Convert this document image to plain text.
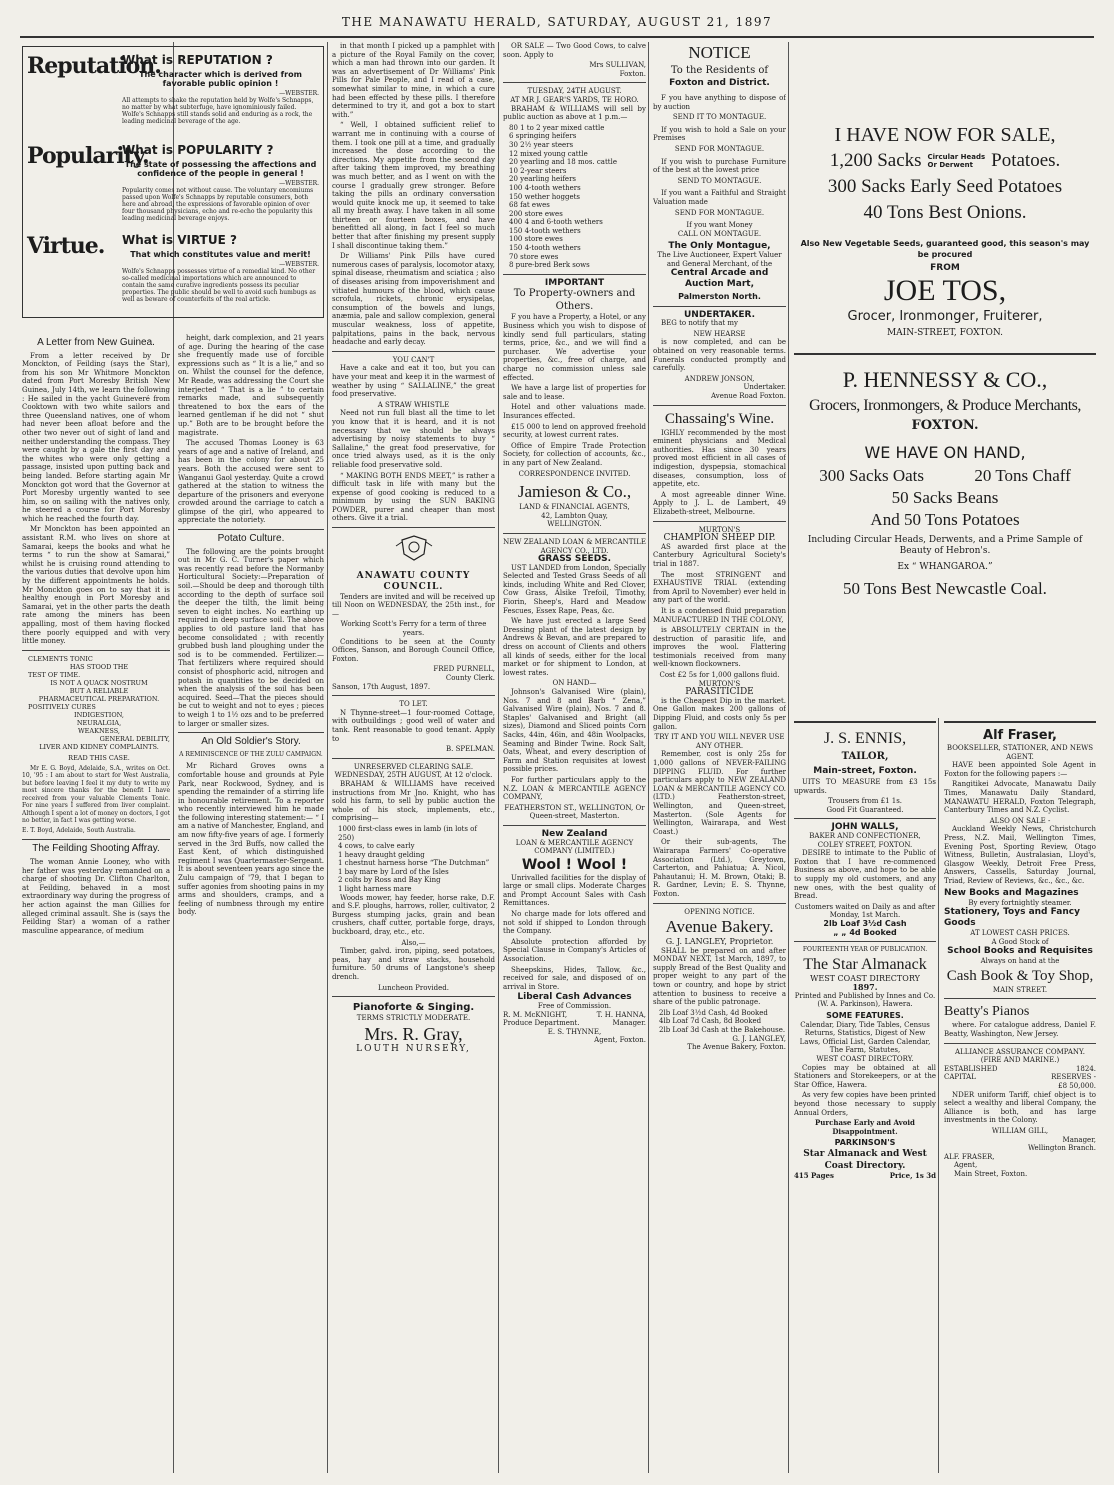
THE MANAWATU HERALD, SATURDAY, AUGUST 21, 1897
Reputation.
What is REPUTATION ?
The character which is derived from favorable public opinion !
—WEBSTER.
All attempts to shake the reputation held by Wolfe's Schnapps, no matter by what subterfuge, have ignominiously failed. Wolfe's Schnapps still stands solid and enduring as a rock, the leading medicinal beverage of the age.
Popularity.
What is POPULARITY ?
The state of possessing the affections and confidence of the people in general !
—WEBSTER.
Popularity comes not without cause. The voluntary encomiums passed upon Wolfe's Schnapps by reputable consumers, both here and abroad, the expressions of favorable opinion of over four thousand physicians, echo and re-echo the popularity this leading medicinal beverage enjoys.
Virtue.	What is VIRTUE ?
That which constitutes value and merit!
—WEBSTER.
Wolfe's Schnapps possesses virtue of a remedial kind. No other so-called medicinal importations which are announced to contain the same curative ingredients possess its peculiar properties. The public should be well to avoid such humbugs as well as beware of counterfeits of the real article.
A Letter from New Guinea.

From a letter received by Dr Monckton, of Feilding (says the Star), from his son Mr Whitmore Monckton dated from Port Moresby British New Guinea, July 14th, we learn the following : He sailed in the yacht Guineveré from Cooktown with two white sailors and three Queensland natives, one of whom had never been afloat before and the other two never out of sight of land and neither understanding the compass. They were caught by a gale the first day and the whites who were only getting a passage, insisted upon putting back and being landed. Before starting again Mr Monckton got word that the Governor at Port Moresby urgently wanted to see him, so on sailing with the natives only, he steered a course for Port Moresby which he reached the fourth day.

Mr Monckton has been appointed an assistant R.M. who lives on shore at Samarai, keeps the books and what he terms “ to run the show at Samarai,” whilst he is cruising round attending to the various duties that devolve upon him by the different appointments he holds. Mr Monckton goes on to say that it is healthy enough in Port Moresby and Samarai, yet in the other parts the death rate among the miners has been appalling, most of them having flocked there poorly equipped and with very little money.

CLEMENTS TONIC
HAS STOOD THE
TEST OF TIME.
IS NOT A QUACK NOSTRUM
BUT A RELIABLE
PHARMACEUTICAL PREPARATION.
POSITIVELY CURES
INDIGESTION,
NEURALGIA,
WEAKNESS,
GENERAL DEBILITY,
LIVER AND KIDNEY COMPLAINTS.
READ THIS CASE.

Mr E. G. Boyd, Adelaide, S.A., writes on Oct. 10, '95 : I am about to start for West Australia, but before leaving I feel it my duty to write my most sincere thanks for the benefit I have received from your valuable Clements Tonic. For nine years I suffered from liver complaint. Although I spent a lot of money on doctors, I got no better, in fact I was getting worse.

E. T. Boyd, Adelaide, South Australia.
The Feilding Shooting Affray.

The woman Annie Looney, who with her father was yesterday remanded on a charge of shooting Dr. Clifton Charlton, at Feilding, behaved in a most extraordinary way during the progress of her action against the man Gillies for alleged criminal assault. She is (says the Feilding Star) a woman of a rather masculine appearance, of medium

height, dark complexion, and 21 years of age. During the hearing of the case she frequently made use of forcible expressions such as “ It is a lie,” and so on. Whilst the counsel for the defence, Mr Reade, was addressing the Court she interjected “ That is a lie ” to certain remarks made, and subsequently threatened to box the ears of the learned gentleman if he did not “ shut up.” Both are to be brought before the magistrate.

The accused Thomas Looney is 63 years of age and a native of Ireland, and has been in the colony for about 25 years. Both the accused were sent to Wanganui Gaol yesterday. Quite a crowd gathered at the station to witness the departure of the prisoners and everyone crowded around the carriage to catch a glimpse of the girl, who appeared to appreciate the notoriety.

Potato Culture.

The following are the points brought out in Mr G. C. Turner's paper which was recently read before the Normanby Horticultural Society:—Preparation of soil.—Should be deep and thorough tilth according to the depth of surface soil the deeper the tilth, the limit being seven to eight inches. No earthing up required in deep surface soil. The above applies to old pasture land that has become consolidated ; with recently grubbed bush land ploughing under the sod is to be commended. Fertilizer.—That fertilizers where required should consist of phosphoric acid, nitrogen and potash in quantities to be decided on when the analysis of the soil has been acquired. Seed—That the pieces should be cut to weight and not to eyes ; pieces to weigh 1 to 1½ ozs and to be preferred to larger or smaller sizes.

An Old Soldier's Story.
A REMINISCENCE OF THE ZULU CAMPAIGN.

Mr Richard Groves owns a comfortable house and grounds at Pyle Park, near Rockwood, Sydney, and is spending the remainder of a stirring life in honourable retirement. To a reporter who recently interviewed him he made the following interesting statement:— “ I am a native of Manchester, England, and am now fifty-five years of age. I formerly served in the 3rd Buffs, now called the East Kent, of which distinguished regiment I was Quartermaster-Sergeant. It is about seventeen years ago since the Zulu campaign of '79, that I began to suffer agonies from shooting pains in my arms and shoulders, cramps, and a feeling of numbness through my entire body.

in that month I picked up a pamphlet with a picture of the Royal Family on the cover, which a man had thrown into our garden. It was an advertisement of Dr Williams' Pink Pills for Pale People, and I read of a case, somewhat similar to mine, in which a cure had been effected by these pills. I therefore determined to try it, and got a box to start with.”

“ Well, I obtained sufficient relief to warrant me in continuing with a course of them. I took one pill at a time, and gradually increased the dose according to the directions. My appetite from the second day after taking them improved, my breathing was much better, and as I went on with the course I gradually grew stronger. Before taking the pills an ordinary conversation would quite knock me up, it seemed to take all my breath away. I have taken in all some thirteen or fourteen boxes, and have benefitted all along, in fact I feel so much better that after finishing my present supply I shall discontinue taking them.”

Dr Williams' Pink Pills have cured numerous cases of paralysis, locomotor ataxy, spinal disease, rheumatism and sciatica ; also of diseases arising from impoverishment and vitiated humours of the blood, which cause scrofula, rickets, chronic erysipelas, consumption of the bowels and lungs, anæmia, pale and sallow complexion, general muscular weakness, loss of appetite, palpitations, pains in the back, nervous headache and early decay.

YOU CAN'T

Have a cake and eat it too, but you can have your meat and keep it in the warmest of weather by using “ SALLALINE,” the great food preservative.

A STRAW WHISTLE

Need not run full blast all the time to let you know that it is heard, and it is not necessary that we should be always advertising by noisy statements to buy “ Sallaline,” the great food preservative, for once tried always used, as it is the only reliable food preservative sold.

“ MAKING BOTH ENDS MEET,” is rather a difficult task in life with many but the expense of good cooking is reduced to a minimum by using the SUN BAKING POWDER, purer and cheaper than most others. Give it a trial.

ANAWATU COUNTY COUNCIL.

Tenders are invited and will be received up till Noon on WEDNESDAY, the 25th inst., for—

Working Scott's Ferry for a term of three years.

Conditions to be seen at the County Offices, Sanson, and Borough Council Office, Foxton.

FRED PURNELL,
County Clerk.
Sanson, 17th August, 1897.
TO LET.

N Thynne-street—1 four-roomed Cottage, with outbuildings ; good well of water and tank. Rent reasonable to good tenant. Apply to

B. SPELMAN.
UNRESERVED CLEARING SALE.
WEDNESDAY, 25TH AUGUST, At 12 o'clock.

BRAHAM & WILLIAMS have received instructions from Mr Jno. Knight, who has sold his farm, to sell by public auction the whole of his stock, implements, etc., comprising—

1000 first-class ewes in lamb (in lots of 250)
4 cows, to calve early
1 heavy draught gelding
1 chestnut harness horse “The Dutchman”
1 bay mare by Lord of the Isles
2 colts by Ross and Bay King
1 light harness mare

Woods mower, hay feeder, horse rake, D.F. and S.F. ploughs, harrows, roller, cultivator, 2 Burgess stumping jacks, grain and bean crushers, chaff cutter, portable forge, drays, buckboard, dray, etc., etc.

Also,—

Timber, galvd. iron, piping, seed potatoes, peas, hay and straw stacks, household furniture. 50 drums of Langstone's sheep drench.

Luncheon Provided.
Pianoforte & Singing.
TERMS STRICTLY MODERATE.
Mrs. R. Gray,
LOUTH NURSERY,

OR SALE — Two Good Cows, to calve soon. Apply to

Mrs SULLIVAN,
Foxton.
TUESDAY, 24TH AUGUST.
AT MR J. GEAR'S YARDS, TE HORO.

BRAHAM & WILLIAMS will sell by public auction as above at 1 p.m.—

80 1 to 2 year mixed cattle
6 springing heifers
30 2½ year steers
12 mixed young cattle
20 yearling and 18 mos. cattle
10 2-year steers
20 yearling heifers
100 4-tooth wethers
150 wether hoggets
68 fat ewes
200 store ewes
400 4 and 6-tooth wethers
150 4-tooth wethers
100 store ewes
150 4-tooth wethers
70 store ewes
8 pure-bred Berk sows
IMPORTANT
To Property-owners and Others.

F you have a Property, a Hotel, or any Business which you wish to dispose of kindly send full particulars, stating terms, price, &c., and we will find a purchaser. We advertise your properties, &c., free of charge, and charge no commission unless sale effected.

We have a large list of properties for sale and to lease.

Hotel and other valuations made. Insurances effected.

£15 000 to lend on approved freehold security, at lowest current rates.

Office of Empire Trade Protection Society, for collection of accounts, &c., in any part of New Zealand.

CORRESPONDENCE INVITED.
Jamieson & Co.,
LAND & FINANCIAL AGENTS,
42, Lambton Quay,
WELLINGTON.
NEW ZEALAND LOAN & MERCANTILE AGENCY CO., LTD.
GRASS SEEDS.

UST LANDED from London, Specially Selected and Tested Grass Seeds of all kinds, including White and Red Clover, Cow Grass, Alsike Trefoil, Timothy, Fiorin, Sheep's, Hard and Meadow Fescues, Essex Rape, Peas, &c.

We have just erected a large Seed Dressing plant of the latest design by Andrews & Bevan, and are prepared to dress on account of Clients and others all kinds of seeds, either for the local market or for shipment to London, at lowest rates.

ON HAND—

Johnson's Galvanised Wire (plain), Nos. 7 and 8 and Barb “ Zena,” Galvanised Wire (plain), Nos. 7 and 8. Staples' Galvanised and Bright (all sizes), Diamond and Sliced points Corn Sacks, 44in, 46in, and 48in Woolpacks, Seaming and Binder Twine. Rock Salt, Oats, Wheat, and every description of Farm and Station requisites at lowest possible prices.

For further particulars apply to the N.Z. LOAN & MERCANTILE AGENCY COMPANY,

FEATHERSTON ST., WELLINGTON, Or Queen-street, Masterton.
New Zealand
LOAN & MERCANTILE AGENCY COMPANY (LIMITED.)
Wool ! Wool !

Unrivalled facilities for the display of large or small clips. Moderate Charges and Prompt Account Sales with Cash Remittances.

No charge made for lots offered and not sold if shipped to London through the Company.

Absolute protection afforded by Special Clause in Company's Articles of Association.

Sheepskins, Hides, Tallow, &c., received for sale, and disposed of on arrival in Store.

Liberal Cash Advances
Free of Commission.
R. M. McKNIGHT,	T. H. HANNA,
Produce Department.	Manager.
E. S. THYNNE,
Agent, Foxton.
NOTICE
To the Residents of
Foxton and District.

F you have anything to dispose of by auction

SEND IT TO MONTAGUE.

If you wish to hold a Sale on your Premises

SEND FOR MONTAGUE.

If you wish to purchase Furniture of the best at the lowest price

SEND TO MONTAGUE.

If you want a Faithful and Straight Valuation made

SEND FOR MONTAGUE.
If you want Money
CALL ON MONTAGUE.
The Only Montague,
The Live Auctioneer, Expert Valuer and General Merchant, of the
Central Arcade and Auction Mart,
Palmerston North.
UNDERTAKER.

BEG to notify that my

NEW HEARSE

is now completed, and can be obtained on very reasonable terms. Funerals conducted promptly and carefully.

ANDREW JONSON,
Undertaker.
Avenue Road Foxton.
Chassaing's Wine.

IGHLY recommended by the most eminent physicians and Medical authorities. Has since 30 years proved most efficient in all cases of indigestion, dyspepsia, stomachical diseases, consumption, loss of appetite, etc.

A most agreeable dinner Wine. Apply to J. L. de Lambert, 49 Elizabeth-street, Melbourne.

MURTON'S
CHAMPION SHEEP DIP.

AS awarded first place at the Canterbury Agricultural Society's trial in 1887.

The most STRINGENT and EXHAUSTIVE TRIAL (extending from April to November) ever held in any part of the world.

It is a condensed fluid preparation MANUFACTURED IN THE COLONY,

is ABSOLUTELY CERTAIN in the destruction of parasitic life, and improves the wool. Flattering testimonials received from many well-known flockowners.

Cost £2 5s for 1,000 gallons fluid.
MURTON'S
PARASITICIDE

is the Cheapest Dip in the market. One Gallon makes 200 gallons of Dipping Fluid, and costs only 5s per gallon.

TRY IT AND YOU WILL NEVER USE ANY OTHER.

Remember, cost is only 25s for 1,000 gallons of NEVER-FAILING DIPPING FLUID. For further particulars apply to NEW ZEALAND LOAN & MERCANTILE AGENCY CO. (LTD.) Featherston-street, Wellington, and Queen-street, Masterton. (Sole Agents for Wellington, Wairarapa, and West Coast.)

Or their sub-agents, The Wairarapa Farmers' Co-operative Association (Ltd.), Greytown, Carterton, and Pahiatua; A. Nicol, Pahautanui; H. M. Brown, Otaki; B. R. Gardner, Levin; E. S. Thynne, Foxton.

OPENING NOTICE.
Avenue Bakery.
G. J. LANGLEY, Proprietor.

SHALL be prepared on and after MONDAY NEXT, 1st March, 1897, to supply Bread of the Best Quality and proper weight to any part of the town or country, and hope by strict attention to business to receive a share of the public patronage.

2lb Loaf 3½d Cash, 4d Booked
4lb Loaf 7d Cash, 8d Booked
2lb Loaf 3d Cash at the Bakehouse.
G. J. LANGLEY,
The Avenue Bakery, Foxton.
I HAVE NOW FOR SALE,
1,200 Sacks Circular Heads
Or Derwent Potatoes.
300 Sacks Early Seed Potatoes
40 Tons Best Onions.
Also New Vegetable Seeds, guaranteed good, this season's may be procured
FROM
JOE TOS,
Grocer, Ironmonger, Fruiterer,
MAIN-STREET, FOXTON.
P. HENNESSY & CO.,
Grocers, Ironmongers, & Produce Merchants,
FOXTON.
WE HAVE ON HAND,
300 Sacks Oats	20 Tons Chaff
50 Sacks Beans
And 50 Tons Potatoes
Including Circular Heads, Derwents, and a Prime Sample of Beauty of Hebron's.
Ex “ WHANGAROA.”
50 Tons Best Newcastle Coal.
J. S. ENNIS,
TAILOR,
Main-street, Foxton.

UITS TO MEASURE from £3 15s upwards.

Trousers from £1 1s.
Good Fit Guaranteed.
JOHN WALLS,
BAKER AND CONFECTIONER,
COLEY STREET, FOXTON.

DESIRE to intimate to the Public of Foxton that I have re-commenced Business as above, and hope to be able to supply my old customers, and any new ones, with the best quality of Bread.

Customers waited on Daily as and after Monday, 1st March.
2lb Loaf 3½d Cash
„ „ 4d Booked
FOURTEENTH YEAR OF PUBLICATION.
The Star Almanack
WEST COAST DIRECTORY
1897.
Printed and Published by Innes and Co. (W. A. Parkinson), Hawera.
SOME FEATURES.
Calendar, Diary, Tide Tables, Census Returns, Statistics, Digest of New Laws, Official List, Garden Calendar, The Farm, Statutes,
WEST COAST DIRECTORY.

Copies may be obtained at all Stationers and Storekeepers, or at the Star Office, Hawera.

As very few copies have been printed beyond those necessary to supply Annual Orders,

Purchase Early and Avoid Disappointment.
PARKINSON'S
Star Almanack and West Coast Directory.
415 Pages	Price, 1s 3d
Alf Fraser,
BOOKSELLER, STATIONER, AND NEWS AGENT.

HAVE been appointed Sole Agent in Foxton for the following papers :—

Rangitikei Advocate, Manawatu Daily Times, Manawatu Daily Standard, MANAWATU HERALD, Foxton Telegraph, Canterbury Times and N.Z. Cyclist.

ALSO ON SALE -

Auckland Weekly News, Christchurch Press, N.Z. Mail, Wellington Times, Evening Post, Sporting Review, Otago Witness, Bulletin, Australasian, Lloyd's, Glasgow Weekly, Detroit Free Press, Answers, Cassells, Saturday Journal, Triad, Review of Reviews, &c., &c., &c.

New Books and Magazines
By every fortnightly steamer.
Stationery, Toys and Fancy Goods
AT LOWEST CASH PRICES.
A Good Stock of
School Books and Requisites
Always on hand at the
Cash Book & Toy Shop,
MAIN STREET.
Beatty's Pianos

where. For catalogue address, Daniel F. Beatty, Washington, New Jersey.

ALLIANCE ASSURANCE COMPANY.
(FIRE AND MARINE.)
ESTABLISHED	1824.
CAPITAL	RESERVES -
£8 50,000.

NDER uniform Tariff, chief object is to select a wealthy and liberal Company, the Alliance is both, and has large investments in the Colony.

WILLIAM GILL,
Manager,
Wellington Branch.
ALF. FRASER,
Agent,
Main Street, Foxton.
